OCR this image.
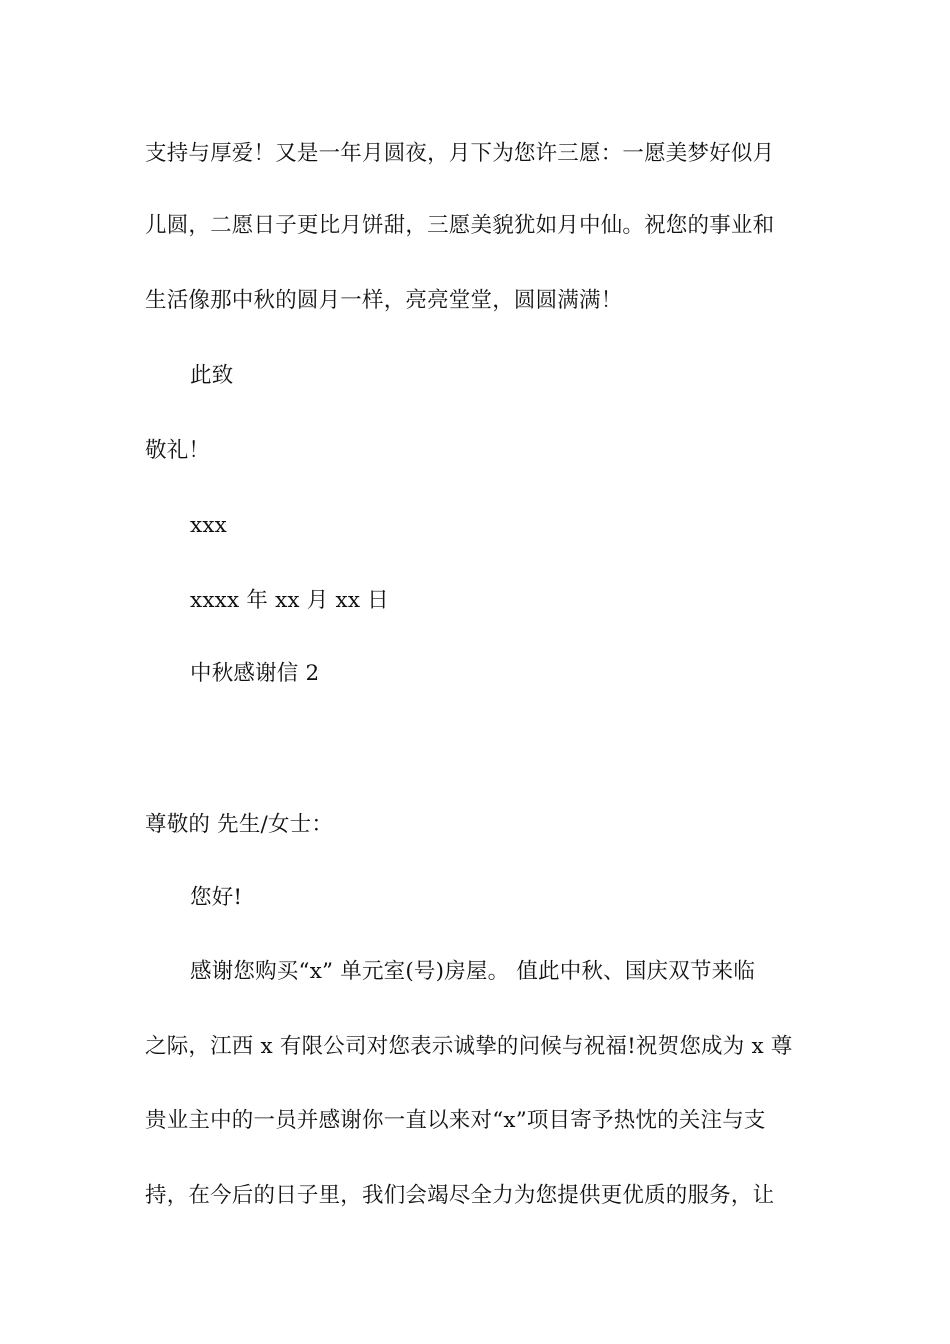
支持与厚爱！又是一年月圆夜，月下为您许三愿：一愿美梦好似月
儿圆，二愿日子更比月饼甜，三愿美貌犹如月中仙。祝您的事业和
生活像那中秋的圆月一样，亮亮堂堂，圆圆满满！
此致
敬礼！
xxx
xxxx 年 xx 月 xx 日
中秋感谢信 2
尊敬的 先生/女士：
您好!
感谢您购买“x” 单元室(号)房屋。 值此中秋、国庆双节来临
之际，江西 x 有限公司对您表示诚挚的问候与祝福!祝贺您成为 x 尊
贵业主中的一员并感谢你一直以来对“x”项目寄予热忱的关注与支
持，在今后的日子里，我们会竭尽全力为您提供更优质的服务，让
